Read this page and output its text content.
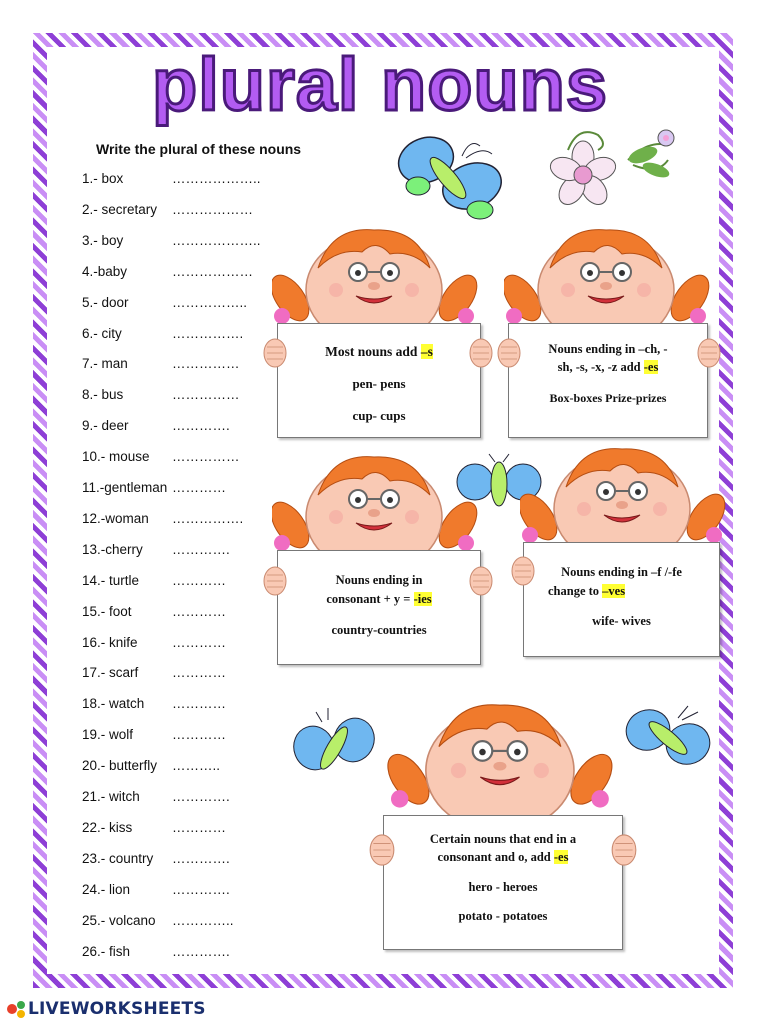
plural nouns
Write the plural of these nouns
1.- box	………………..
2.- secretary ………………
3.- boy	………………..
4.-baby	………………
5.- door	……………..
6.- city	…………….
7.- man	……………
8.- bus	……………
9.- deer	………….
10.- mouse ……………
11.-gentleman …………
12.-woman …………….
13.-cherry ………….
14.- turtle …………
15.- foot	…………
16.- knife	…………
17.- scarf …………
18.- watch …………
19.- wolf	…………
20.- butterfly ………..
21.- witch ………….
22.- kiss	…………
23.- country ………….
24.- lion	………….
25.- volcano …………..
26.- fish	………….

Most nouns add –s

pen- pens

cup- cups

Nouns ending in –ch, -

sh, -s, -x, -z add -es

Box-boxes Prize-prizes

Nouns ending in

consonant + y = -ies

country-countries

Nouns ending in –f /-fe

change to –ves

wife- wives

Certain nouns that end in a

consonant and o, add -es

hero - heroes

potato - potatoes

LIVEWORKSHEETS
